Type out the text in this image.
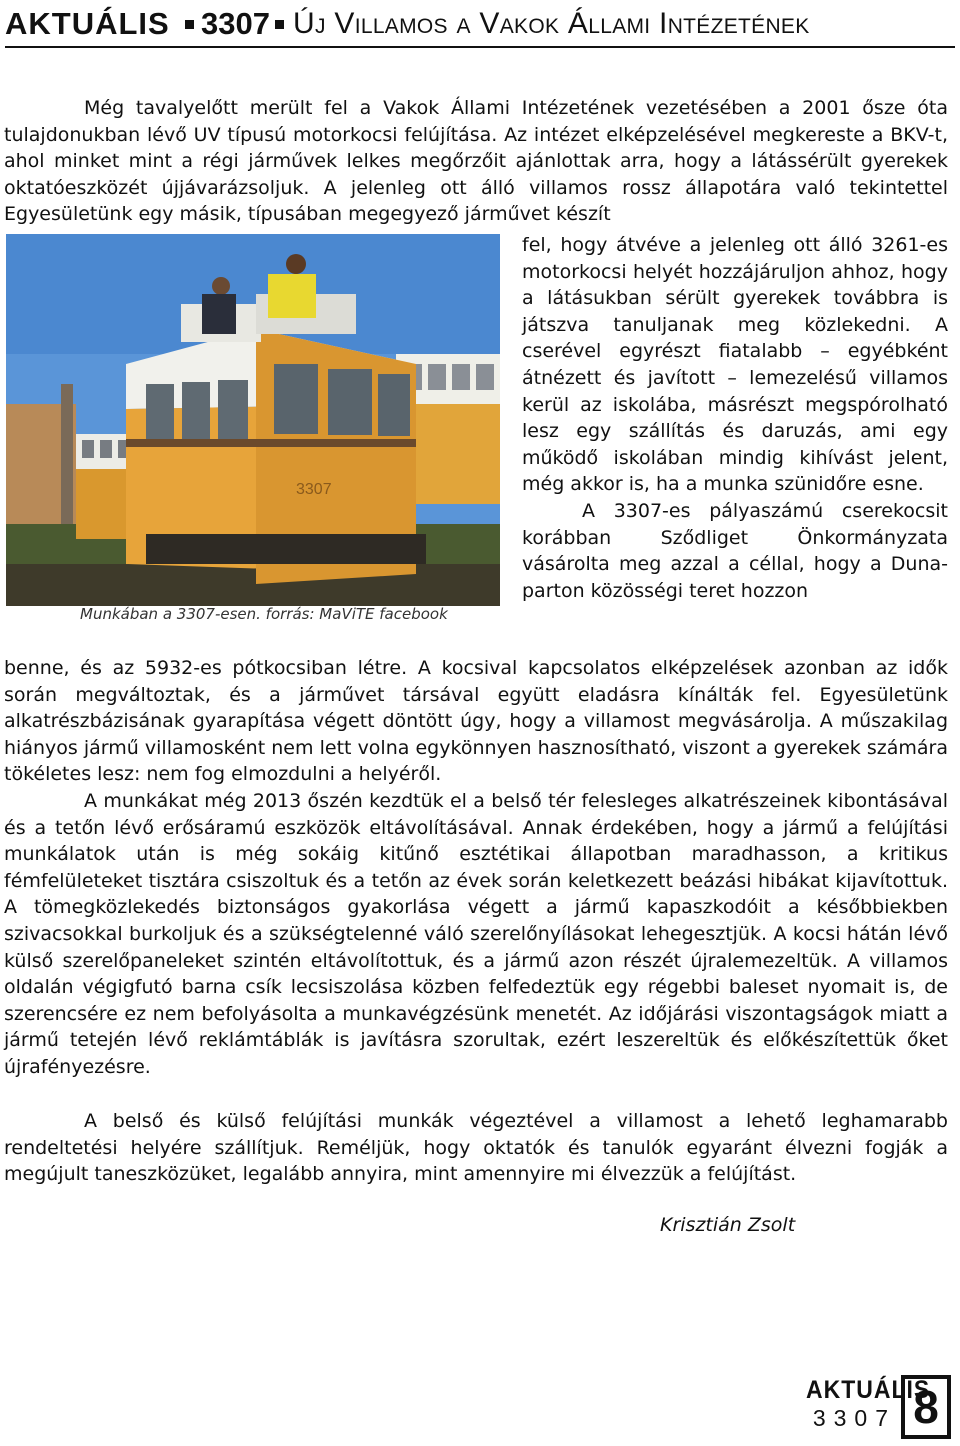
AKTUÁLIS 3307 Új Villamos a Vakok Állami Intézetének

Még tavalyelőtt merült fel a Vakok Állami Intézetének vezetésében a 2001 ősze óta tulajdonukban lévő UV típusú motorkocsi felújítása. Az intézet elképzelésével megkereste a BKV-t, ahol minket mint a régi járművek lelkes megőrzőit ajánlottak arra, hogy a látássérült gyerekek oktatóeszközét újjávarázsoljuk. A jelenleg ott álló villamos rossz állapotára való tekintettel Egyesületünk egy másik, típusában megegyező járművet készít

3307
Munkában a 3307-esen. forrás: MaViTE facebook
fel, hogy átvéve a jelenleg ott álló 3261-es motorkocsi helyét hozzájáruljon ahhoz, hogy a látásukban sérült gyerekek továbbra is játszva tanuljanak meg közlekedni. A cserével egyrészt fiatalabb – egyébként átnézett és javított – lemezelésű villamos kerül az iskolába, másrészt megspórolható lesz egy szállítás és daruzás, ami egy működő iskolában mindig kihívást jelent, még akkor is, ha a munka szünidőre esne.
A 3307-es pályaszámú cserekocsit korábban Sződliget Önkormányzata vásárolta meg azzal a céllal, hogy a Duna-parton közösségi teret hozzon

benne, és az 5932-es pótkocsiban létre. A kocsival kapcsolatos elképzelések azonban az idők során megváltoztak, és a járművet társával együtt eladásra kínálták fel. Egyesületünk alkatrészbázisának gyarapítása végett döntött úgy, hogy a villamost megvásárolja. A műszakilag hiányos jármű villamosként nem lett volna egykönnyen hasznosítható, viszont a gyerekek számára tökéletes lesz: nem fog elmozdulni a helyéről.

A munkákat még 2013 őszén kezdtük el a belső tér felesleges alkatrészeinek kibontásával és a tetőn lévő erősáramú eszközök eltávolításával. Annak érdekében, hogy a jármű a felújítási munkálatok után is még sokáig kitűnő esztétikai állapotban maradhasson, a kritikus fémfelületeket tisztára csiszoltuk és a tetőn az évek során keletkezett beázási hibákat kijavítottuk. A tömegközlekedés biztonságos gyakorlása végett a jármű kapaszkodóit a későbbiekben szivacsokkal burkoljuk és a szükségtelenné váló szerelőnyílásokat lehegesztjük. A kocsi hátán lévő külső szerelőpaneleket szintén eltávolítottuk, és a jármű azon részét újralemezeltük. A villamos oldalán végigfutó barna csík lecsiszolása közben felfedeztük egy régebbi baleset nyomait is, de szerencsére ez nem befolyásolta a munkavégzésünk menetét. Az időjárási viszontagságok miatt a jármű tetején lévő reklámtáblák is javításra szorultak, ezért leszereltük és előkészítettük őket újrafényezésre.

A belső és külső felújítási munkák végeztével a villamost a lehető leghamarabb rendeltetési helyére szállítjuk. Reméljük, hogy oktatók és tanulók egyaránt élvezni fogják a megújult taneszközüket, legalább annyira, mint amennyire mi élvezzük a felújítást.

Krisztián Zsolt
AKTUÁLIS
3307 8
